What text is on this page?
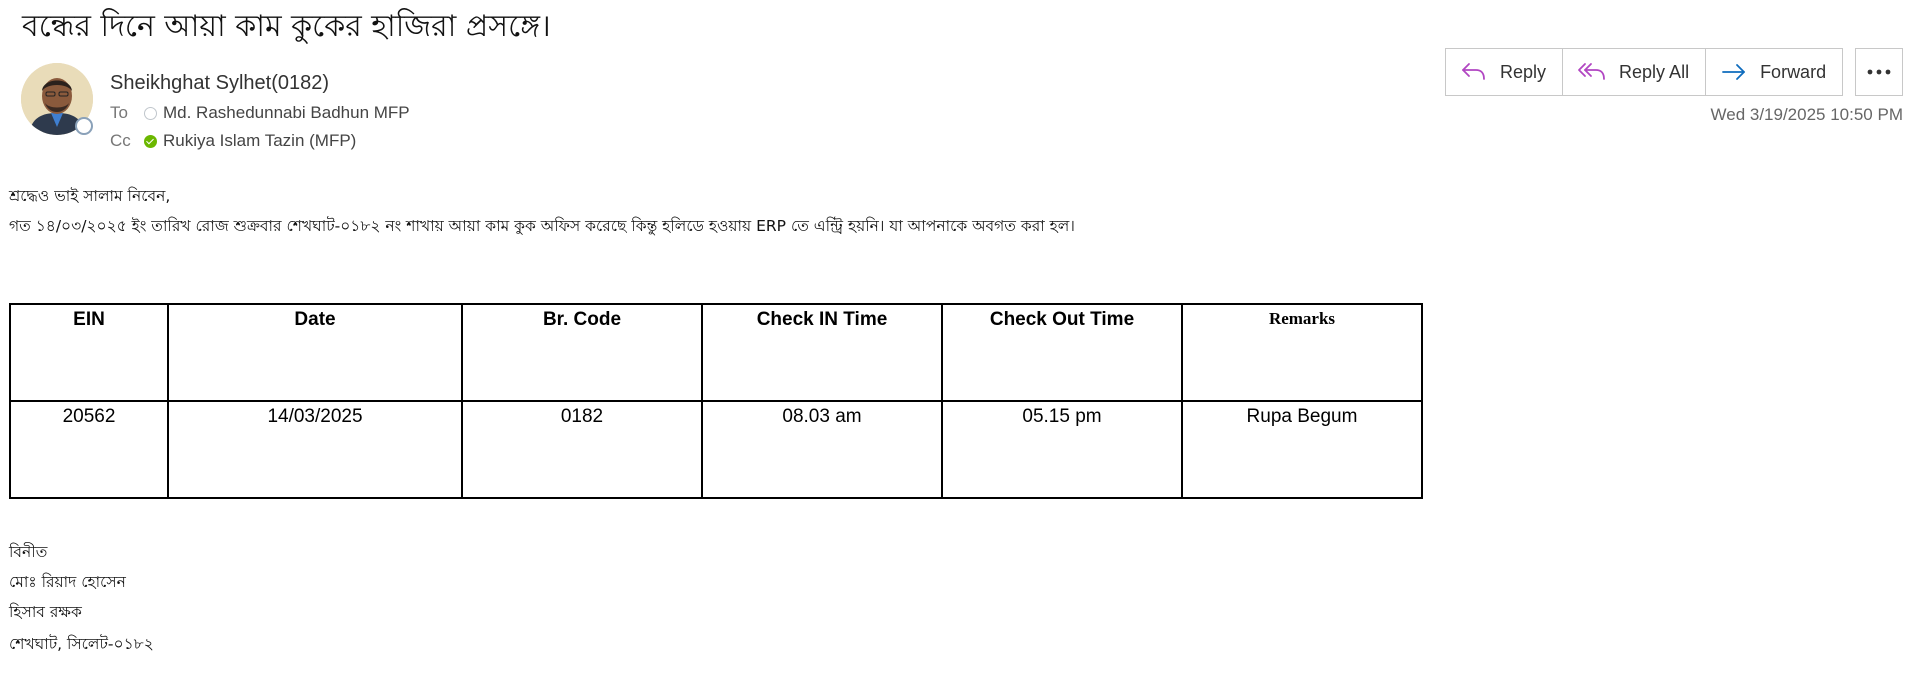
বন্ধের দিনে আয়া কাম কুকের হাজিরা প্রসঙ্গে।
Sheikhghat Sylhet(0182)
To	Md. Rashedunnabi Badhun MFP
Cc	Rukiya Islam Tazin (MFP)
Reply	Reply All	Forward
Wed 3/19/2025 10:50 PM
শ্রদ্ধেও ভাই সালাম নিবেন,
গত ১৪/০৩/২০২৫ ইং তারিখ রোজ শুক্রবার শেখঘাট-০১৮২ নং শাখায় আয়া কাম কুক অফিস করেছে কিন্তু হলিডে হওয়ায় ERP তে এন্ট্রি হয়নি। যা আপনাকে অবগত করা হল।
EIN	Date	Br. Code	Check IN Time	Check Out Time	Remarks
20562	14/03/2025	0182	08.03 am	05.15 pm	Rupa Begum
বিনীত
মোঃ রিয়াদ হোসেন
হিসাব রক্ষক
শেখঘাট, সিলেট-০১৮২
